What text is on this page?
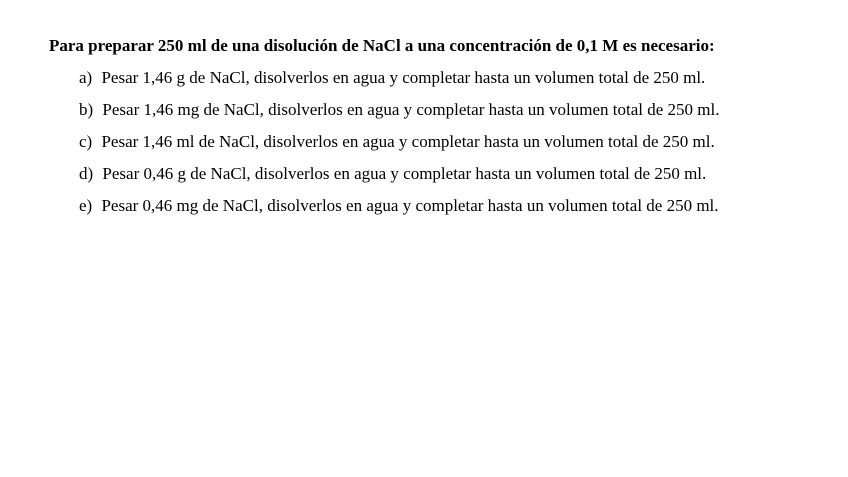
Para preparar 250 ml de una disolución de NaCl a una concentración de 0,1 M es necesario:

a) Pesar 1,46 g de NaCl, disolverlos en agua y completar hasta un volumen total de 250 ml.
b) Pesar 1,46 mg de NaCl, disolverlos en agua y completar hasta un volumen total de 250 ml.
c) Pesar 1,46 ml de NaCl, disolverlos en agua y completar hasta un volumen total de 250 ml.
d) Pesar 0,46 g de NaCl, disolverlos en agua y completar hasta un volumen total de 250 ml.
e) Pesar 0,46 mg de NaCl, disolverlos en agua y completar hasta un volumen total de 250 ml.
